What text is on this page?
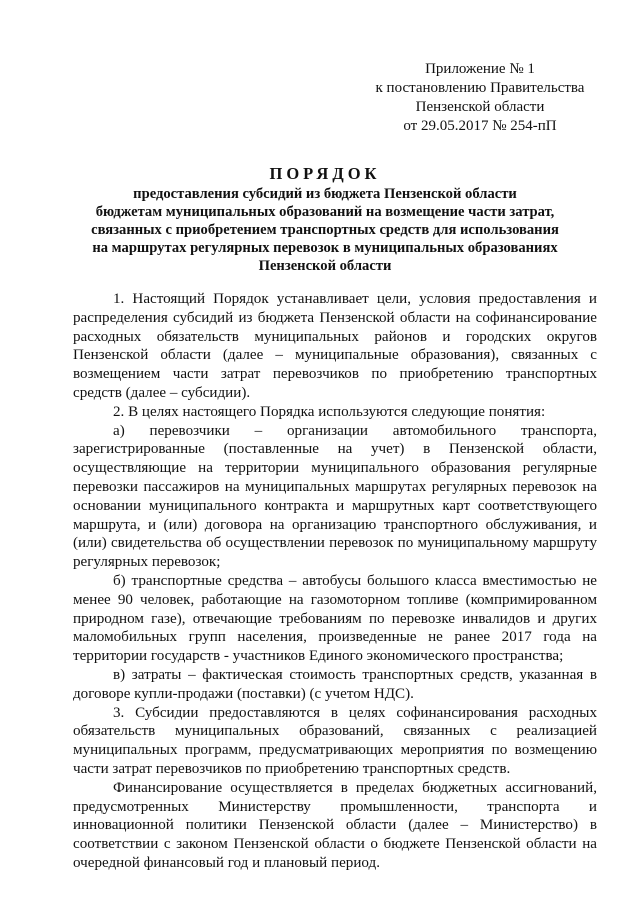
Приложение № 1
к постановлению Правительства
Пензенской области
от 29.05.2017 № 254-пП
ПОРЯДОК
предоставления субсидий из бюджета Пензенской области
бюджетам муниципальных образований на возмещение части затрат,
связанных с приобретением транспортных средств для использования
на маршрутах регулярных перевозок в муниципальных образованиях
Пензенской области

1. Настоящий Порядок устанавливает цели, условия предоставления и распределения субсидий из бюджета Пензенской области на софинансирование расходных обязательств муниципальных районов и городских округов Пензенской области (далее – муниципальные образования), связанных с возмещением части затрат перевозчиков по приобретению транспортных средств (далее – субсидии).

2. В целях настоящего Порядка используются следующие понятия:

а) перевозчики – организации автомобильного транспорта, зарегистрированные (поставленные на учет) в Пензенской области, осуществляющие на территории муниципального образования регулярные перевозки пассажиров на муниципальных маршрутах регулярных перевозок на основании муниципального контракта и маршрутных карт соответствующего маршрута, и (или) договора на организацию транспортного обслуживания, и (или) свидетельства об осуществлении перевозок по муниципальному маршруту регулярных перевозок;

б) транспортные средства – автобусы большого класса вместимостью не менее 90 человек, работающие на газомоторном топливе (компримированном природном газе), отвечающие требованиям по перевозке инвалидов и других маломобильных групп населения, произведенные не ранее 2017 года на территории государств - участников Единого экономического пространства;

в) затраты – фактическая стоимость транспортных средств, указанная в договоре купли-продажи (поставки) (с учетом НДС).

3. Субсидии предоставляются в целях софинансирования расходных обязательств муниципальных образований, связанных с реализацией муниципальных программ, предусматривающих мероприятия по возмещению части затрат перевозчиков по приобретению транспортных средств.

Финансирование осуществляется в пределах бюджетных ассигнований, предусмотренных Министерству промышленности, транспорта и инновационной политики Пензенской области (далее – Министерство) в соответствии с законом Пензенской области о бюджете Пензенской области на очередной финансовый год и плановый период.
